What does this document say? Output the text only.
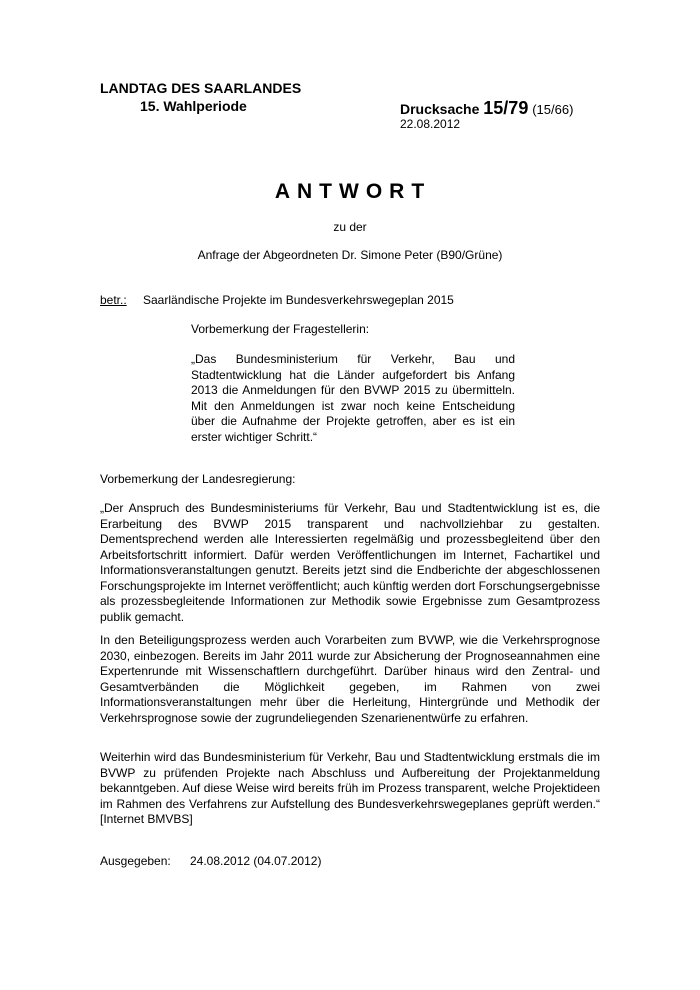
LANDTAG DES SAARLANDES
15. Wahlperiode	Drucksache 15/79 (15/66)
22.08.2012
ANTWORT
zu der
Anfrage der Abgeordneten Dr. Simone Peter (B90/Grüne)
betr.: Saarländische Projekte im Bundesverkehrswegeplan 2015
Vorbemerkung der Fragestellerin:
„Das Bundesministerium für Verkehr, Bau und Stadtentwicklung hat die Länder aufgefordert bis Anfang 2013 die Anmeldungen für den BVWP 2015 zu übermitteln. Mit den Anmeldungen ist zwar noch keine Entscheidung über die Aufnahme der Projekte getroffen, aber es ist ein erster wichtiger Schritt.“
Vorbemerkung der Landesregierung:
„Der Anspruch des Bundesministeriums für Verkehr, Bau und Stadtentwicklung ist es, die Erarbeitung des BVWP 2015 transparent und nachvollziehbar zu gestalten. Dementsprechend werden alle Interessierten regelmäßig und prozessbegleitend über den Arbeitsfortschritt informiert. Dafür werden Veröffentlichungen im Internet, Fachartikel und Informationsveranstaltungen genutzt. Bereits jetzt sind die Endberichte der abgeschlossenen Forschungsprojekte im Internet veröffentlicht; auch künftig werden dort Forschungsergebnisse als prozessbegleitende Informationen zur Methodik sowie Ergebnisse zum Gesamtprozess publik gemacht.
In den Beteiligungsprozess werden auch Vorarbeiten zum BVWP, wie die Verkehrsprognose 2030, einbezogen. Bereits im Jahr 2011 wurde zur Absicherung der Prognoseannahmen eine Expertenrunde mit Wissenschaftlern durchgeführt. Darüber hinaus wird den Zentral- und Gesamtverbänden die Möglichkeit gegeben, im Rahmen von zwei Informationsveranstaltungen mehr über die Herleitung, Hintergründe und Methodik der Verkehrsprognose sowie der zugrundeliegenden Szenarienentwürfe zu erfahren.
Weiterhin wird das Bundesministerium für Verkehr, Bau und Stadtentwicklung erstmals die im BVWP zu prüfenden Projekte nach Abschluss und Aufbereitung der Projektanmeldung bekanntgeben. Auf diese Weise wird bereits früh im Prozess transparent, welche Projektideen im Rahmen des Verfahrens zur Aufstellung des Bundesverkehrswegeplanes geprüft werden.“ [Internet BMVBS]
Ausgegeben: 24.08.2012 (04.07.2012)
